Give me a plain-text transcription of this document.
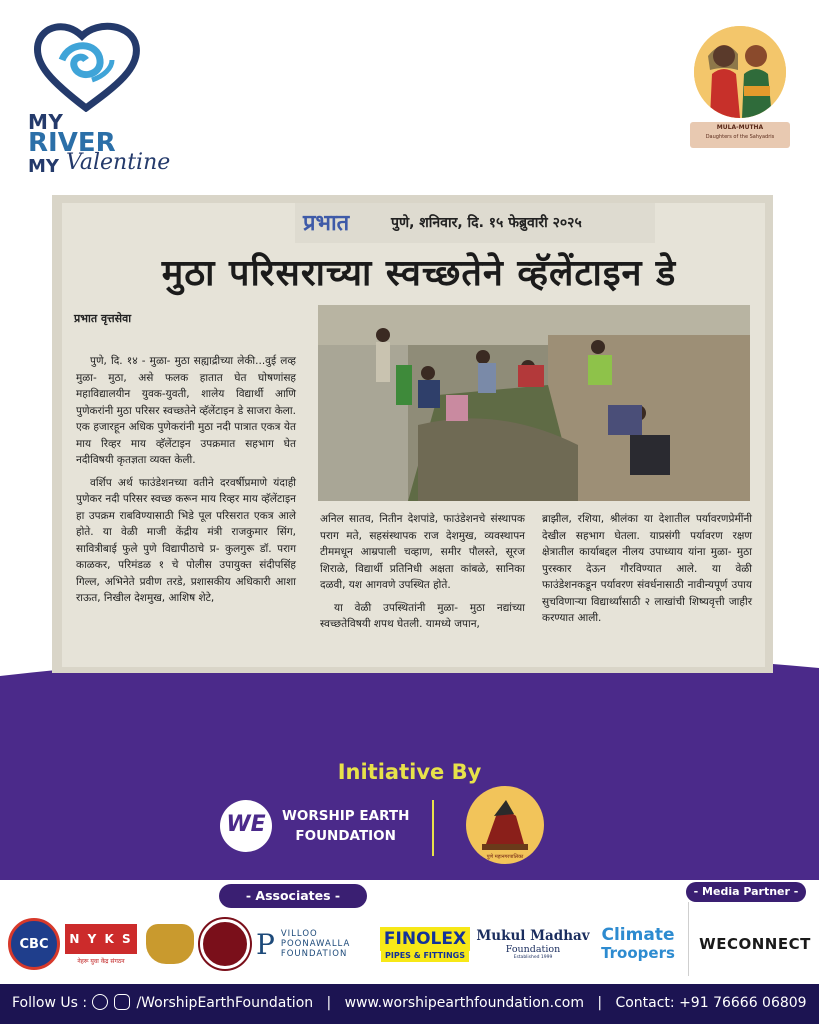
MY
RIVER
MY Valentine
MULA-MUTHA
Daughters of the Sahyadris
प्रभात	पुणे, शनिवार, दि. १५ फेब्रुवारी २०२५
मुठा परिसराच्या स्वच्छतेने व्हॅलेंटाइन डे
प्रभात वृत्तसेवा

पुणे, दि. १४ - मुळा- मुठा सह्याद्रीच्या लेकी...वुई लव्ह मुळा- मुठा, असे फलक हातात घेत घोषणांसह महाविद्यालयीन युवक-युवती, शालेय विद्यार्थी आणि पुणेकरांनी मुठा परिसर स्वच्छतेने व्हॅलेंटाइन डे साजरा केला. एक हजारहून अधिक पुणेकरांनी मुठा नदी पात्रात एकत्र येत माय रिव्हर माय व्हॅलेंटाइन उपक्रमात सहभाग घेत नदीविषयी कृतज्ञता व्यक्त केली.

वर्शिप अर्थ फाउंडेशनच्या वतीने दरवर्षीप्रमाणे यंदाही पुणेकर नदी परिसर स्वच्छ करून माय रिव्हर माय व्हॅलेंटाइन हा उपक्रम राबविण्यासाठी भिडे पूल परिसरात एकत्र आले होते. या वेळी माजी केंद्रीय मंत्री राजकुमार सिंग, सावित्रीबाई फुले पुणे विद्यापीठाचे प्र- कुलगुरू डॉ. पराग काळकर, परिमंडळ १ चे पोलीस उपायुक्त संदीपसिंह गिल्ल, अभिनेते प्रवीण तरडे, प्रशासकीय अधिकारी आशा राऊत, निखील देशमुख, आशिष शेटे,

अनिल सातव, नितीन देशपांडे, फाउंडेशनचे संस्थापक पराग मते, सहसंस्थापक राज देशमुख, व्यवस्थापन टीममधून आम्रपाली चव्हाण, समीर पौलस्ते, सूरज शिराळे, विद्यार्थी प्रतिनिधी अक्षता कांबळे, सानिका दळवी, यश आगवणे उपस्थित होते.

या वेळी उपस्थितांनी मुळा- मुठा नद्यांच्या स्वच्छतेविषयी शपथ घेतली. यामध्ये जपान,

ब्राझील, रशिया, श्रीलंका या देशातील पर्यावरणप्रेमींनी देखील सहभाग घेतला. याप्रसंगी पर्यावरण रक्षण क्षेत्रातील कार्याबद्दल नीलय उपाध्याय यांना मुळा- मुठा पुरस्कार देऊन गौरविण्यात आले. या वेळी फाउंडेशनकडून पर्यावरण संवर्धनासाठी नावीन्यपूर्ण उपाय सुचविणाऱ्या विद्यार्थ्यांसाठी २ लाखांची शिष्यवृत्ती जाहीर करण्यात आली.

Initiative By
WE	WORSHIP EARTH
FOUNDATION
पुणे महानगरपालिका
- Associates -	- Media Partner -
CBC	N Y K S
नेहरू युवा केंद्र संगठन
P VILLOO
POONAWALLA
FOUNDATION
FINOLEX
PIPES & FITTINGS
Mukul Madhav
Foundation
Established 1999
Climate
Troopers	WECONNECT
Follow Us :	/WorshipEarthFoundation | www.worshipearthfoundation.com | Contact: +91 76666 06809
